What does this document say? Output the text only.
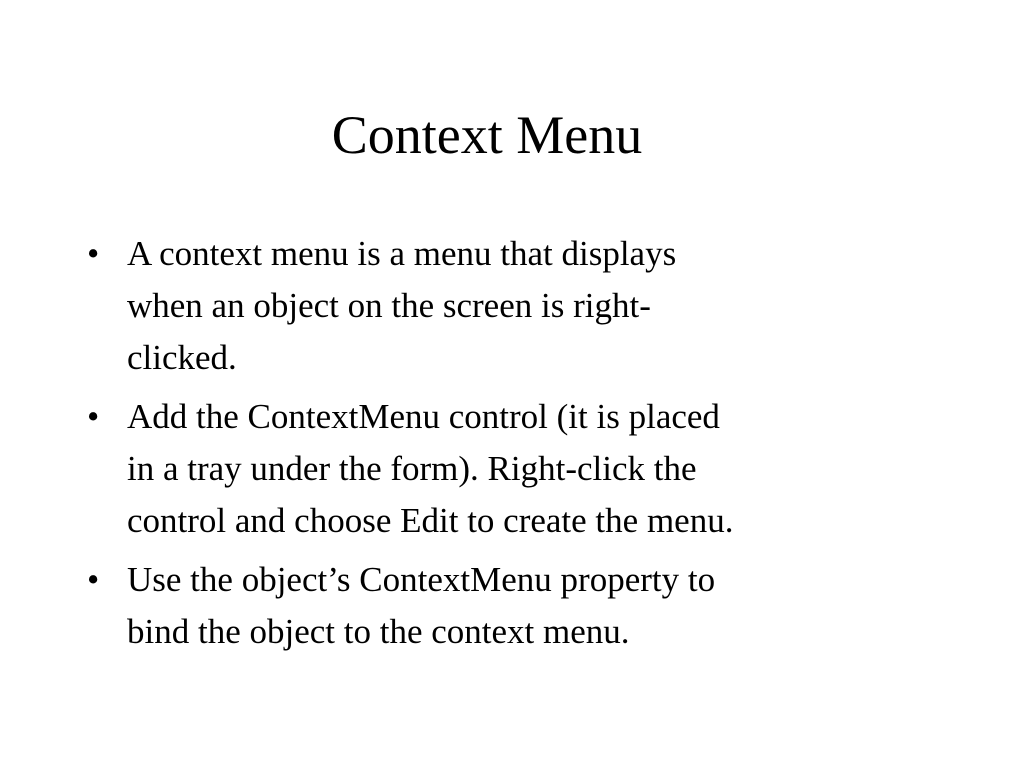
Context Menu
• A context menu is a menu that displays
when an object on the screen is right-
clicked.
• Add the ContextMenu control (it is placed
in a tray under the form). Right-click the
control and choose Edit to create the menu.
• Use the object’s ContextMenu property to
bind the object to the context menu.
